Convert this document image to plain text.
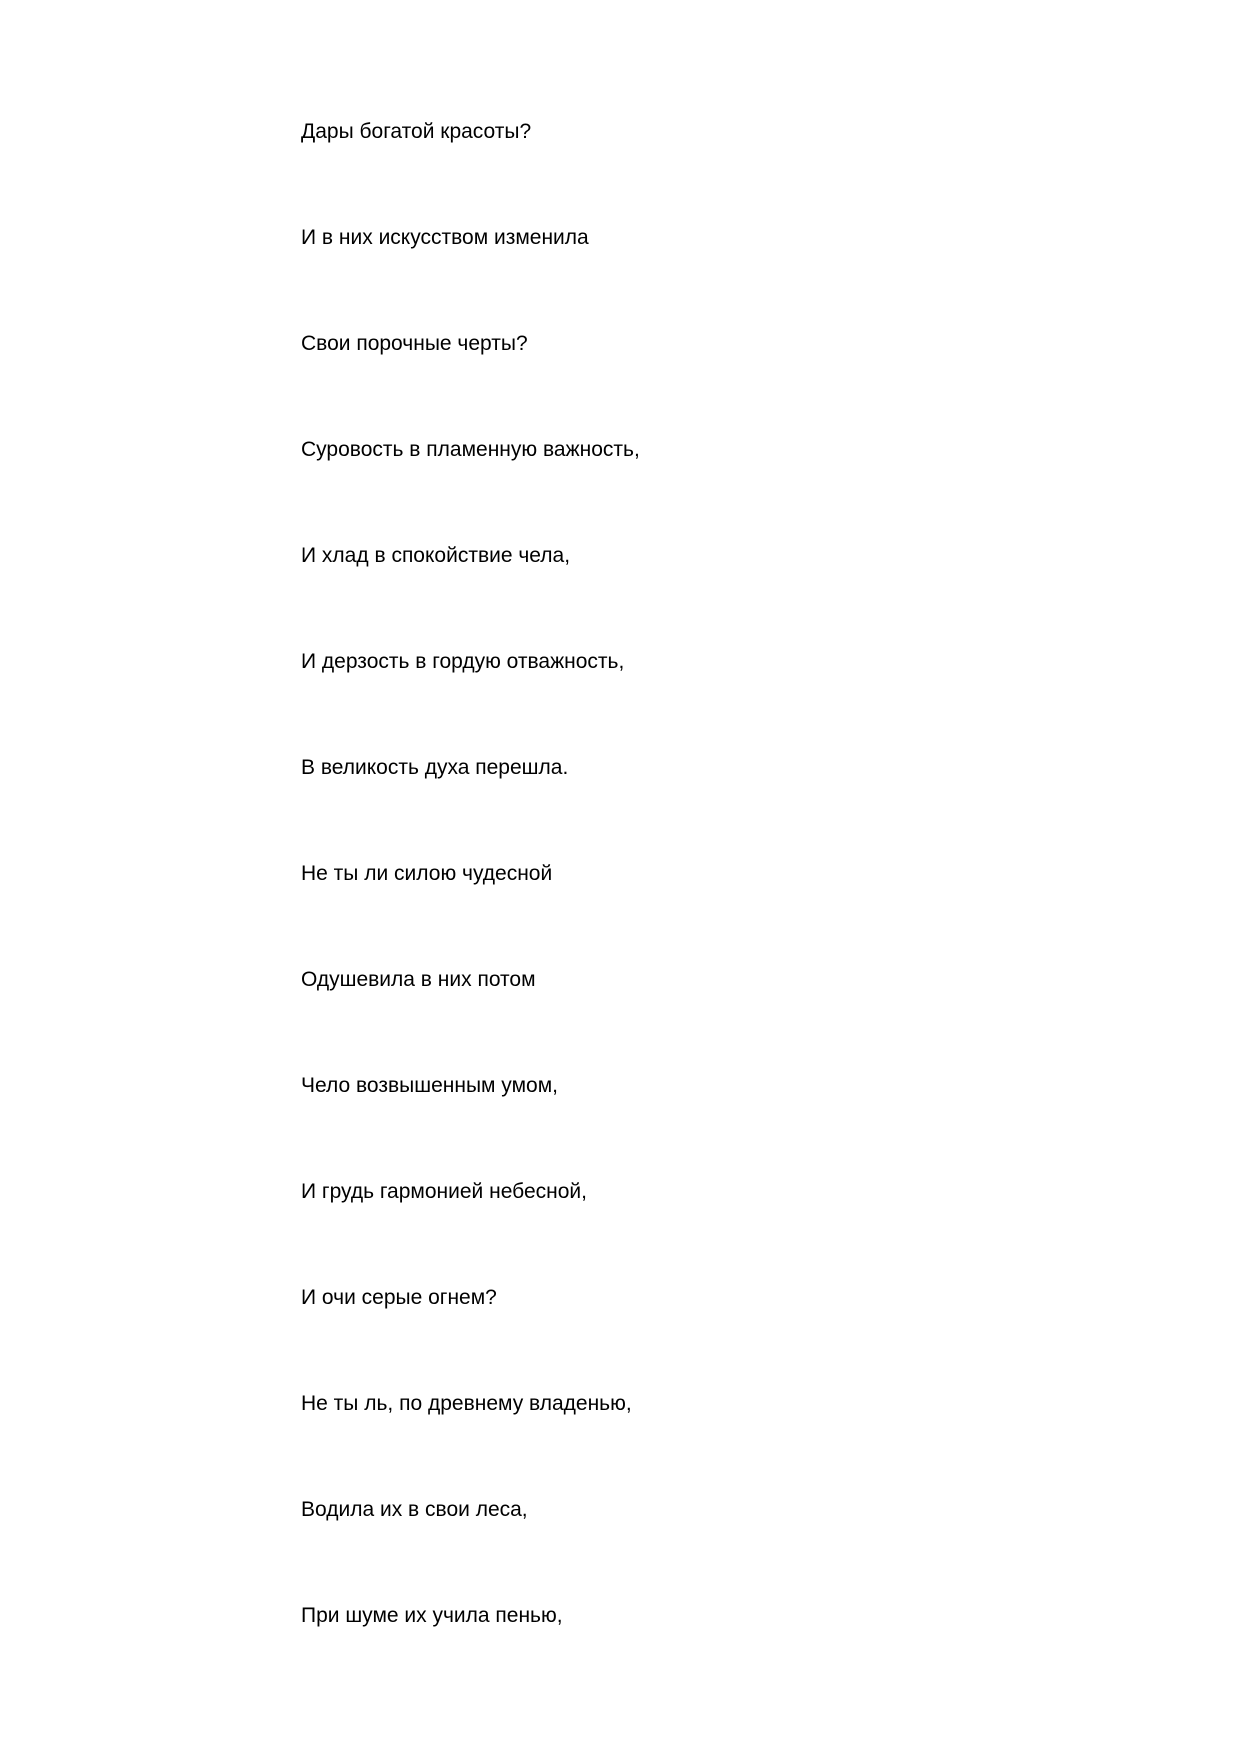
Дары богатой красоты?
И в них искусством изменила
Свои порочные черты?
Суровость в пламенную важность,
И хлад в спокойствие чела,
И дерзость в гордую отважность,
В великость духа перешла.
Не ты ли силою чудесной
Одушевила в них потом
Чело возвышенным умом,
И грудь гармонией небесной,
И очи серые огнем?
Не ты ль, по древнему владенью,
Водила их в свои леса,
При шуме их учила пенью,
